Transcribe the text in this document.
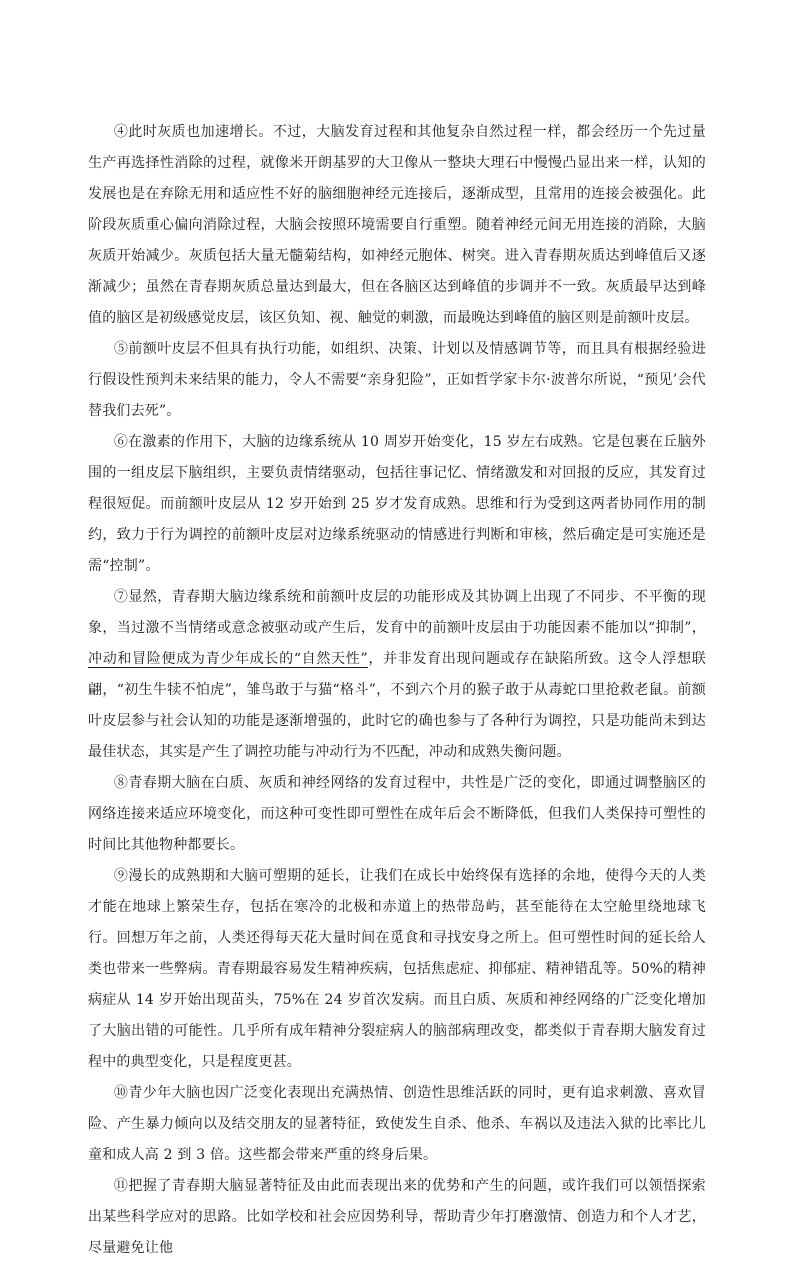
④此时灰质也加速增长。不过，大脑发育过程和其他复杂自然过程一样，都会经历一个先过量生产再选择性消除的过程，就像米开朗基罗的大卫像从一整块大理石中慢慢凸显出来一样，认知的发展也是在弃除无用和适应性不好的脑细胞神经元连接后，逐渐成型，且常用的连接会被强化。此阶段灰质重心偏向消除过程，大脑会按照环境需要自行重塑。随着神经元间无用连接的消除，大脑灰质开始减少。灰质包括大量无髓菊结构，如神经元胞体、树突。进入青春期灰质达到峰值后又逐渐减少；虽然在青春期灰质总量达到最大，但在各脑区达到峰值的步调并不一致。灰质最早达到峰值的脑区是初级感觉皮层，该区负知、视、触觉的刺激，而最晚达到峰值的脑区则是前额叶皮层。

⑤前额叶皮层不但具有执行功能，如组织、决策、计划以及情感调节等，而且具有根据经验进行假设性预判未来结果的能力，令人不需要“亲身犯险”，正如哲学家卡尔·波普尔所说，“预见’会代替我们去死”。

⑥在激素的作用下，大脑的边缘系统从 10 周岁开始变化，15 岁左右成熟。它是包裹在丘脑外围的一组皮层下脑组织，主要负责情绪驱动，包括往事记忆、情绪激发和对回报的反应，其发育过程很短促。而前额叶皮层从 12 岁开始到 25 岁才发育成熟。思维和行为受到这两者协同作用的制约，致力于行为调控的前额叶皮层对边缘系统驱动的情感进行判断和审核，然后确定是可实施还是需“控制”。

⑦显然，青春期大脑边缘系统和前额叶皮层的功能形成及其协调上出现了不同步、不平衡的现象，当过激不当情绪或意念被驱动或产生后，发育中的前额叶皮层由于功能因素不能加以“抑制”，冲动和冒险便成为青少年成长的“自然天性”，并非发育出现问题或存在缺陷所致。这令人浮想联翩，“初生牛犊不怕虎”，雏鸟敢于与猫“格斗”，不到六个月的猴子敢于从毒蛇口里抢救老鼠。前额叶皮层参与社会认知的功能是逐渐增强的，此时它的确也参与了各种行为调控，只是功能尚未到达最佳状态，其实是产生了调控功能与冲动行为不匹配，冲动和成熟失衡问题。

⑧青春期大脑在白质、灰质和神经网络的发育过程中，共性是广泛的变化，即通过调整脑区的网络连接来适应环境变化，而这种可变性即可塑性在成年后会不断降低，但我们人类保持可塑性的时间比其他物种都要长。

⑨漫长的成熟期和大脑可塑期的延长，让我们在成长中始终保有选择的余地，使得今天的人类才能在地球上繁荣生存，包括在寒冷的北极和赤道上的热带岛屿，甚至能待在太空舱里绕地球飞行。回想万年之前，人类还得每天花大量时间在觅食和寻找安身之所上。但可塑性时间的延长给人类也带来一些弊病。青春期最容易发生精神疾病，包括焦虑症、抑郁症、精神错乱等。50%的精神病症从 14 岁开始出现苗头，75%在 24 岁首次发病。而且白质、灰质和神经网络的广泛变化增加了大脑出错的可能性。几乎所有成年精神分裂症病人的脑部病理改变，都类似于青春期大脑发育过程中的典型变化，只是程度更甚。

⑩青少年大脑也因广泛变化表现出充满热情、创造性思维活跃的同时，更有追求刺激、喜欢冒险、产生暴力倾向以及结交朋友的显著特征，致使发生自杀、他杀、车祸以及违法入狱的比率比儿童和成人高 2 到 3 倍。这些都会带来严重的终身后果。

⑪把握了青春期大脑显著特征及由此而表现出来的优势和产生的问题，或许我们可以领悟探索出某些科学应对的思路。比如学校和社会应因势利导，帮助青少年打磨激情、创造力和个人才艺，尽量避免让他
